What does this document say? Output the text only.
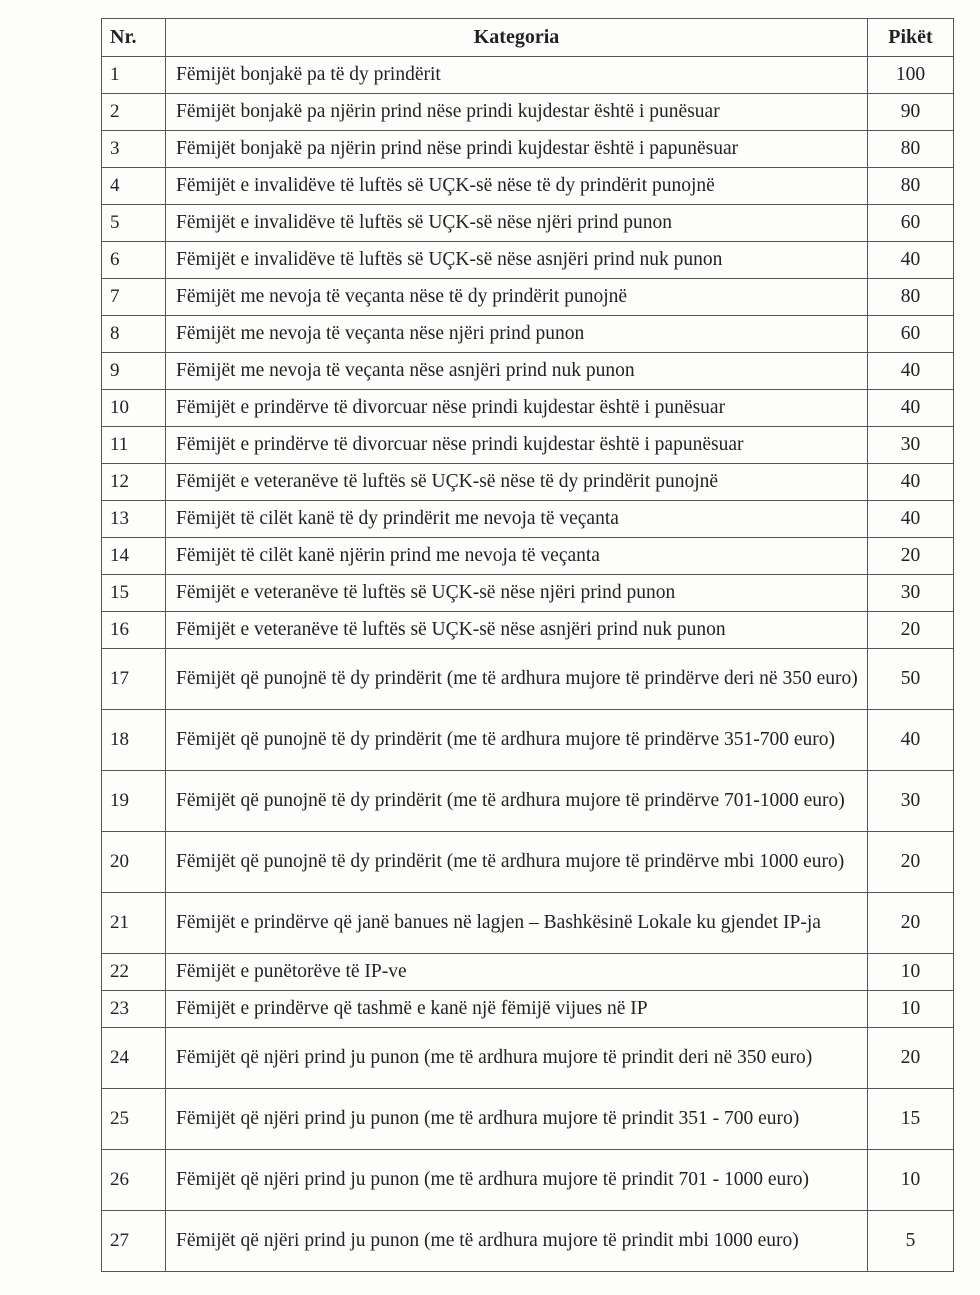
Nr.	Kategoria	Pikët
1	Fëmijët bonjakë pa të dy prindërit	100
2	Fëmijët bonjakë pa njërin prind nëse prindi kujdestar është i punësuar	90
3	Fëmijët bonjakë pa njërin prind nëse prindi kujdestar është i papunësuar	80
4	Fëmijët e invalidëve të luftës së UÇK-së nëse të dy prindërit punojnë	80
5	Fëmijët e invalidëve të luftës së UÇK-së nëse njëri prind punon	60
6	Fëmijët e invalidëve të luftës së UÇK-së nëse asnjëri prind nuk punon	40
7	Fëmijët me nevoja të veçanta nëse të dy prindërit punojnë	80
8	Fëmijët me nevoja të veçanta nëse njëri prind punon	60
9	Fëmijët me nevoja të veçanta nëse asnjëri prind nuk punon	40
10	Fëmijët e prindërve të divorcuar nëse prindi kujdestar është i punësuar	40
11	Fëmijët e prindërve të divorcuar nëse prindi kujdestar është i papunësuar	30
12	Fëmijët e veteranëve të luftës së UÇK-së nëse të dy prindërit punojnë	40
13	Fëmijët të cilët kanë të dy prindërit me nevoja të veçanta	40
14	Fëmijët të cilët kanë njërin prind me nevoja të veçanta	20
15	Fëmijët e veteranëve të luftës së UÇK-së nëse njëri prind punon	30
16	Fëmijët e veteranëve të luftës së UÇK-së nëse asnjëri prind nuk punon	20
17	Fëmijët që punojnë të dy prindërit (me të ardhura mujore të prindërve deri në 350 euro)	50
18	Fëmijët që punojnë të dy prindërit (me të ardhura mujore të prindërve 351-700 euro)	40
19	Fëmijët që punojnë të dy prindërit (me të ardhura mujore të prindërve 701-1000 euro)	30
20	Fëmijët që punojnë të dy prindërit (me të ardhura mujore të prindërve mbi 1000 euro)	20
21	Fëmijët e prindërve që janë banues në lagjen – Bashkësinë Lokale ku gjendet IP-ja	20
22	Fëmijët e punëtorëve të IP-ve	10
23	Fëmijët e prindërve që tashmë e kanë një fëmijë vijues në IP	10
24	Fëmijët që njëri prind ju punon (me të ardhura mujore të prindit deri në 350 euro)	20
25	Fëmijët që njëri prind ju punon (me të ardhura mujore të prindit 351 - 700 euro)	15
26	Fëmijët që njëri prind ju punon (me të ardhura mujore të prindit 701 - 1000 euro)	10
27	Fëmijët që njëri prind ju punon (me të ardhura mujore të prindit mbi 1000 euro)	5
